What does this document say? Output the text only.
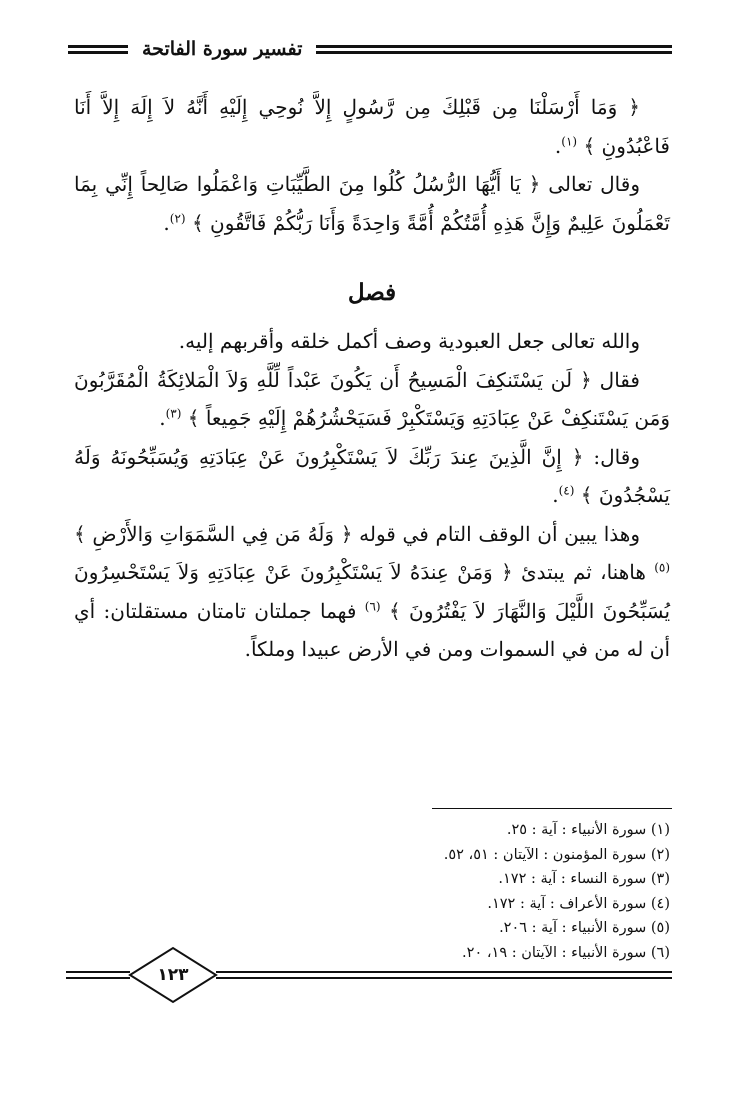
تفسير سورة الفاتحة

﴿ وَمَا أَرْسَلْنَا مِن قَبْلِكَ مِن رَّسُولٍ إِلاَّ نُوحِي إِلَيْهِ أَنَّهُ لاَ إِلَهَ إِلاَّ أَنَا فَاعْبُدُونِ ﴾ $^{(١)}$.

وقال تعالى ﴿ يَا أَيُّهَا الرُّسُلُ كُلُوا مِنَ الطَّيِّبَاتِ وَاعْمَلُوا صَالِحاً إِنِّي بِمَا تَعْمَلُونَ عَلِيمٌ وَإِنَّ هَذِهِ أُمَّتُكُمْ أُمَّةً وَاحِدَةً وَأَنَا رَبُّكُمْ فَاتَّقُونِ ﴾ $^{(٢)}$.

فصل

والله تعالى جعل العبودية وصف أكمل خلقه وأقربهم إليه.

فقال ﴿ لَن يَسْتَنكِفَ الْمَسِيحُ أَن يَكُونَ عَبْداً لِّلَّهِ وَلاَ الْمَلائِكَةُ الْمُقَرَّبُونَ وَمَن يَسْتَنكِفْ عَنْ عِبَادَتِهِ وَيَسْتَكْبِرْ فَسَيَحْشُرُهُمْ إِلَيْهِ جَمِيعاً ﴾ $^{(٣)}$.

وقال: ﴿ إِنَّ الَّذِينَ عِندَ رَبِّكَ لاَ يَسْتَكْبِرُونَ عَنْ عِبَادَتِهِ وَيُسَبِّحُونَهُ وَلَهُ يَسْجُدُونَ ﴾ $^{(٤)}$.

وهذا يبين أن الوقف التام في قوله ﴿ وَلَهُ مَن فِي السَّمَوَاتِ وَالأَرْضِ ﴾ $^{(٥)}$ هاهنا، ثم يبتدئ ﴿ وَمَنْ عِندَهُ لاَ يَسْتَكْبِرُونَ عَنْ عِبَادَتِهِ وَلاَ يَسْتَحْسِرُونَ يُسَبِّحُونَ اللَّيْلَ وَالنَّهَارَ لاَ يَفْتُرُونَ ﴾ $^{(٦)}$ فهما جملتان تامتان مستقلتان: أي أن له من في السموات ومن في الأرض عبيدا وملكاً.

(١) سورة الأنبياء : آية : ٢٥.
(٢) سورة المؤمنون : الآيتان : ٥١، ٥٢.
(٣) سورة النساء : آية : ١٧٢.
(٤) سورة الأعراف : آية : ١٧٢.
(٥) سورة الأنبياء : آية : ٢٠٦.
(٦) سورة الأنبياء : الآيتان : ١٩، ٢٠.
١٢٣
